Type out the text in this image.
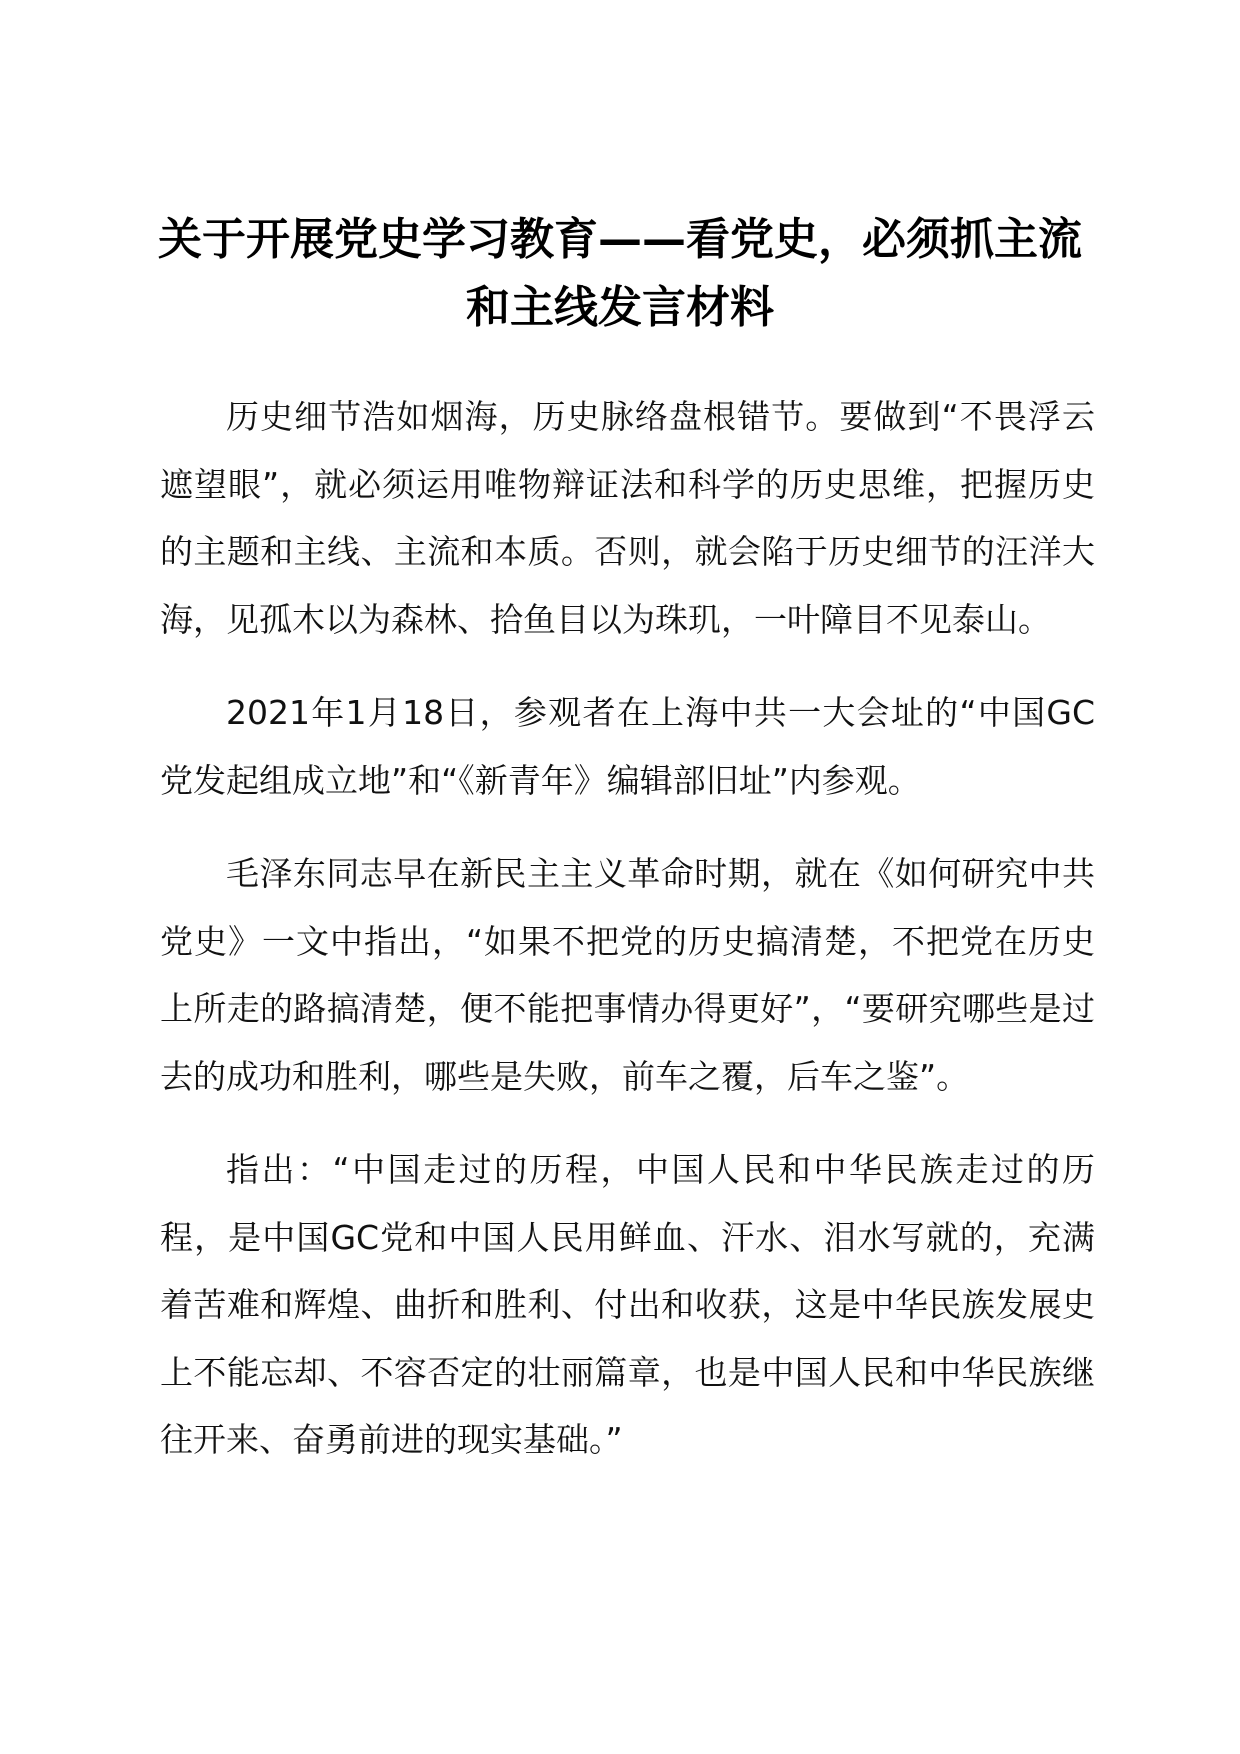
关于开展党史学习教育——看党史，必须抓主流和主线发言材料

历史细节浩如烟海，历史脉络盘根错节。要做到“不畏浮云遮望眼”，就必须运用唯物辩证法和科学的历史思维，把握历史的主题和主线、主流和本质。否则，就会陷于历史细节的汪洋大海，见孤木以为森林、拾鱼目以为珠玑，一叶障目不见泰山。

2021年1月18日，参观者在上海中共一大会址的“中国GC党发起组成立地”和“《新青年》编辑部旧址”内参观。

毛泽东同志早在新民主主义革命时期，就在《如何研究中共党史》一文中指出，“如果不把党的历史搞清楚，不把党在历史上所走的路搞清楚，便不能把事情办得更好”，“要研究哪些是过去的成功和胜利，哪些是失败，前车之覆，后车之鉴”。

指出：“中国走过的历程，中国人民和中华民族走过的历程，是中国GC党和中国人民用鲜血、汗水、泪水写就的，充满着苦难和辉煌、曲折和胜利、付出和收获，这是中华民族发展史上不能忘却、不容否定的壮丽篇章，也是中国人民和中华民族继往开来、奋勇前进的现实基础。”
